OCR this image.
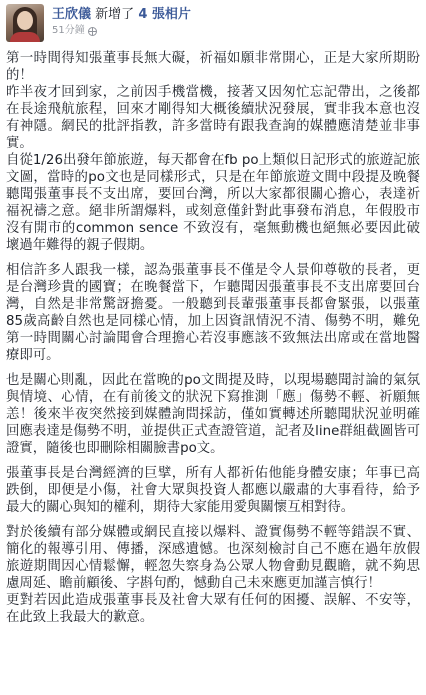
王欣儀 新增了 4 張相片
51分鐘

第一時間得知張董事長無大礙，祈福如願非常開心，正是大家所期盼的！
昨半夜才回到家，之前因手機當機，接著又因匆忙忘記帶出，之後都在長途飛航旅程，回來才剛得知大概後續狀況發展，實非我本意也沒有神隱。網民的批評指教，許多當時有跟我查詢的媒體應清楚並非事實。
自從1/26出發年節旅遊，每天都會在fb po上類似日記形式的旅遊記旅文圖，當時的po文也是同樣形式，只是在年節旅遊文間中段提及晚餐聽聞張董事長不支出席，要回台灣，所以大家都很關心擔心，表達祈福祝禱之意。絕非所謂爆料，或刻意僅針對此事發布消息，年假股市沒有開市的common sence 不致沒有，毫無動機也絕無必要因此破壞過年難得的親子假期。

相信許多人跟我一樣，認為張董事長不僅是令人景仰尊敬的長者，更是台灣珍貴的國寶；在晚餐當下，乍聽聞因張董事長不支出席要回台灣，自然是非常驚訝擔憂。一般聽到長輩張董事長都會緊張，以張董85歲高齡自然也是同樣心情，加上因資訊情況不清、傷勢不明，難免第一時間關心討論聞會合理擔心若沒事應該不致無法出席或在當地醫療即可。

也是關心則亂，因此在當晚的po文間提及時，以現場聽聞討論的氣氛與情境、心情，在有前後文的狀況下寫推測「應」傷勢不輕、祈願無恙！後來半夜突然接到媒體詢問採訪，僅如實轉述所聽聞狀況並明確回應表達是傷勢不明，並提供正式查證管道，記者及line群組截圖皆可證實，隨後也即刪除相關臉書po文。

張董事長是台灣經濟的巨擘，所有人都祈佑他能身體安康；年事已高跌倒，即便是小傷，社會大眾與投資人都應以嚴肅的大事看待，給予最大的關心與知的權利，期待大家能用愛與關懷互相對待。

對於後續有部分媒體或網民直接以爆料、證實傷勢不輕等錯誤不實、簡化的報導引用、傳播，深感遺憾。也深刻檢討自己不應在過年放假旅遊期間因心情鬆懈，輕忽失察身為公眾人物會動見觀瞻，就不夠思慮周延、瞻前顧後、字斟句酌，憾動自己未來應更加謹言慎行！
更對若因此造成張董事長及社會大眾有任何的困擾、誤解、不安等，在此致上我最大的歉意。
